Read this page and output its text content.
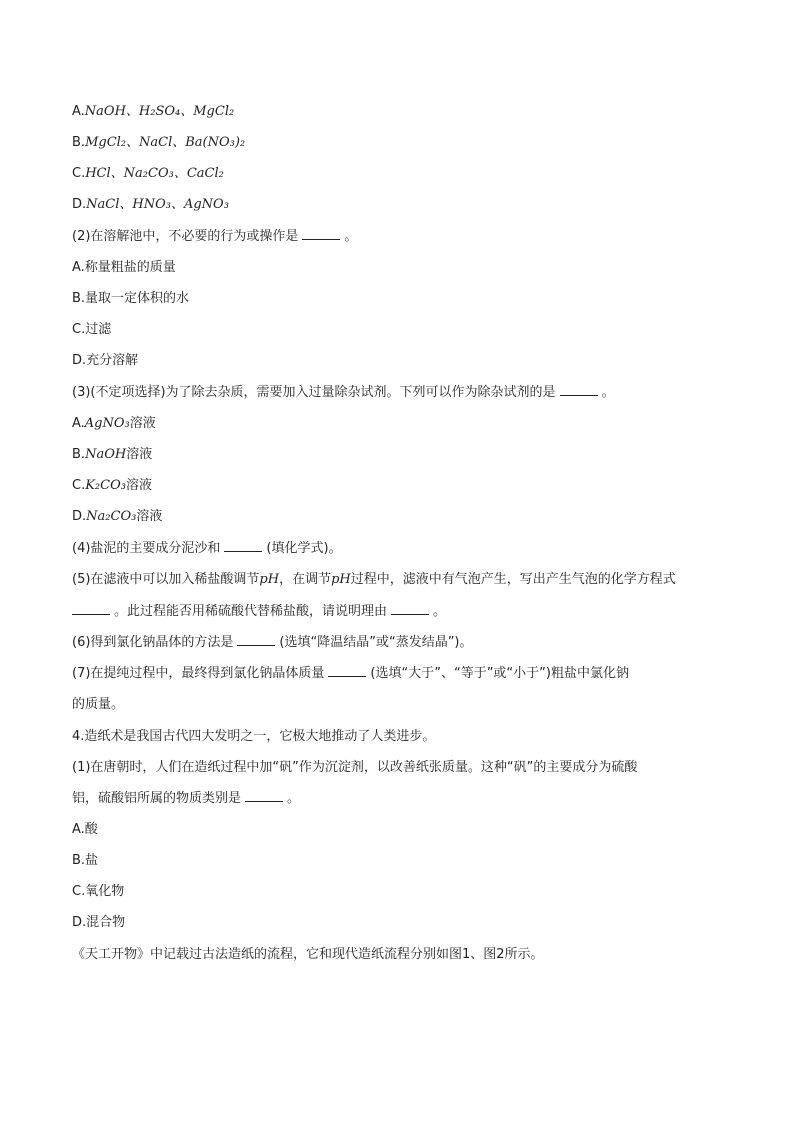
A.NaOH、H₂SO₄、MgCl₂
B.MgCl₂、NaCl、Ba(NO₃)₂
C.HCl、Na₂CO₃、CaCl₂
D.NaCl、HNO₃、AgNO₃
(2)在溶解池中，不必要的行为或操作是	。
A.称量粗盐的质量
B.量取一定体积的水
C.过滤
D.充分溶解
(3)(不定项选择)为了除去杂质，需要加入过量除杂试剂。下列可以作为除杂试剂的是	。
A.AgNO₃溶液
B.NaOH溶液
C.K₂CO₃溶液
D.Na₂CO₃溶液
(4)盐泥的主要成分泥沙和	(填化学式)。
(5)在滤液中可以加入稀盐酸调节pH，在调节pH过程中，滤液中有气泡产生，写出产生气泡的化学方程式
。此过程能否用稀硫酸代替稀盐酸，请说明理由	。
(6)得到氯化钠晶体的方法是	(选填“降温结晶”或“蒸发结晶”)。
(7)在提纯过程中，最终得到氯化钠晶体质量	(选填“大于”、“等于”或“小于”)粗盐中氯化钠
的质量。
4.造纸术是我国古代四大发明之一，它极大地推动了人类进步。
(1)在唐朝时，人们在造纸过程中加“矾”作为沉淀剂，以改善纸张质量。这种“矾”的主要成分为硫酸
铝，硫酸铝所属的物质类别是	。
A.酸
B.盐
C.氧化物
D.混合物
《天工开物》中记载过古法造纸的流程，它和现代造纸流程分别如图1、图2所示。
